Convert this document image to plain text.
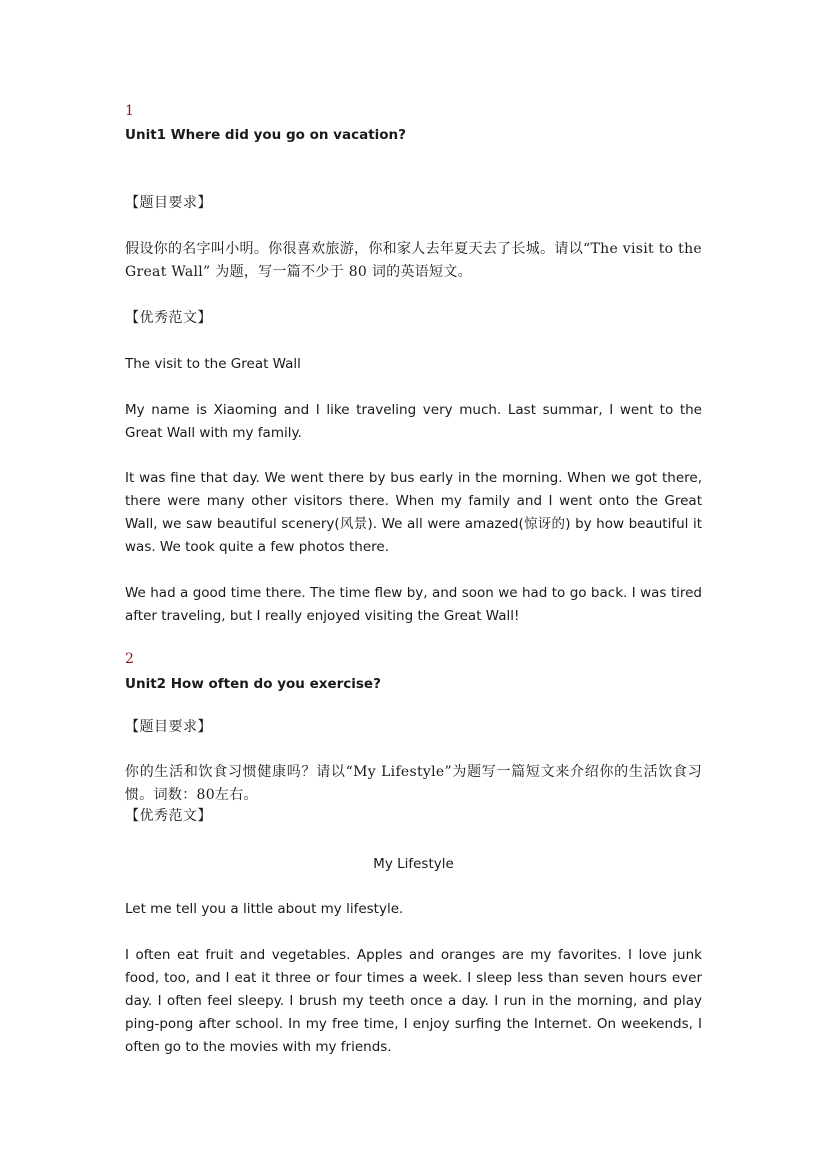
1
Unit1 Where did you go on vacation?
【题目要求】
假设你的名字叫小明。你很喜欢旅游，你和家人去年夏天去了长城。请以“The visit to the Great Wall” 为题，写一篇不少于 80 词的英语短文。
【优秀范文】
The visit to the Great Wall
My name is Xiaoming and I like traveling very much. Last summar, I went to the Great Wall with my family.
It was fine that day. We went there by bus early in the morning. When we got there, there were many other visitors there. When my family and I went onto the Great Wall, we saw beautiful scenery(风景). We all were amazed(惊讶的) by how beautiful it was. We took quite a few photos there.
We had a good time there. The time flew by, and soon we had to go back. I was tired after traveling, but I really enjoyed visiting the Great Wall!
2
Unit2 How often do you exercise?
【题目要求】
你的生活和饮食习惯健康吗？请以“My Lifestyle”为题写一篇短文来介绍你的生活饮食习惯。词数：80左右。
【优秀范文】
My Lifestyle
Let me tell you a little about my lifestyle.
I often eat fruit and vegetables. Apples and oranges are my favorites. I love junk food, too, and I eat it three or four times a week. I sleep less than seven hours ever day. I often feel sleepy. I brush my teeth once a day. I run in the morning, and play ping-pong after school. In my free time, I enjoy surfing the Internet. On weekends, I often go to the movies with my friends.
